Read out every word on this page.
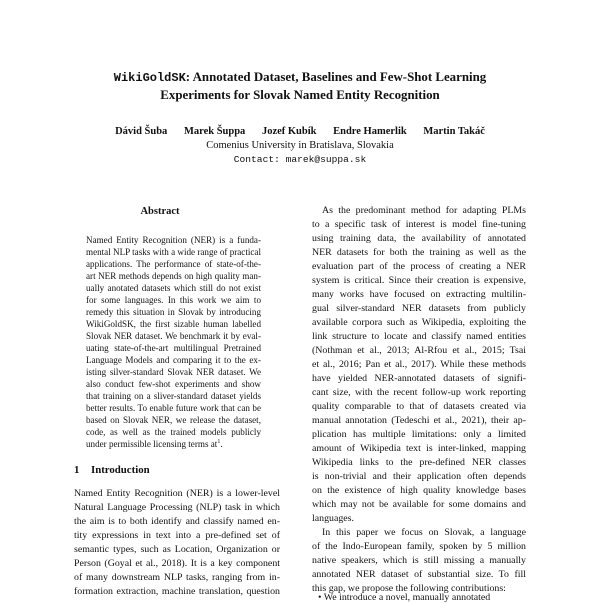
WikiGoldSK: Annotated Dataset, Baselines and Few-Shot Learning
Experiments for Slovak Named Entity Recognition
Dávid Šuba Marek Šuppa Jozef Kubík Endre Hamerlik Martin Takáč
Comenius University in Bratislava, Slovakia
Contact: marek@suppa.sk
Abstract
Named Entity Recognition (NER) is a funda-
mental NLP tasks with a wide range of practical
applications. The performance of state-of-the-
art NER methods depends on high quality man-
ually anotated datasets which still do not exist
for some languages. In this work we aim to
remedy this situation in Slovak by introducing
WikiGoldSK, the first sizable human labelled
Slovak NER dataset. We benchmark it by eval-
uating state-of-the-art multilingual Pretrained
Language Models and comparing it to the ex-
isting silver-standard Slovak NER dataset. We
also conduct few-shot experiments and show
that training on a sliver-standard dataset yields
better results. To enable future work that can be
based on Slovak NER, we release the dataset,
code, as well as the trained models publicly
under permissible licensing terms $at^1$.
1 Introduction
Named Entity Recognition (NER) is a lower-level
Natural Language Processing (NLP) task in which
the aim is to both identify and classify named en-
tity expressions in text into a pre-defined set of
semantic types, such as Location, Organization or
Person (Goyal et al., 2018). It is a key component
of many downstream NLP tasks, ranging from in-
formation extraction, machine translation, question
As the predominant method for adapting PLMs
to a specific task of interest is model fine-tuning
using training data, the availability of annotated
NER datasets for both the training as well as the
evaluation part of the process of creating a NER
system is critical. Since their creation is expensive,
many works have focused on extracting multilin-
gual silver-standard NER datasets from publicly
available corpora such as Wikipedia, exploiting the
link structure to locate and classify named entities
(Nothman et al., 2013; Al-Rfou et al., 2015; Tsai
et al., 2016; Pan et al., 2017). While these methods
have yielded NER-annotated datasets of signifi-
cant size, with the recent follow-up work reporting
quality comparable to that of datasets created via
manual annotation (Tedeschi et al., 2021), their ap-
plication has multiple limitations: only a limited
amount of Wikipedia text is inter-linked, mapping
Wikipedia links to the pre-defined NER classes
is non-trivial and their application often depends
on the existence of high quality knowledge bases
which may not be available for some domains and
languages.
In this paper we focus on Slovak, a language
of the Indo-European family, spoken by 5 million
native speakers, which is still missing a manually
annotated NER dataset of substantial size. To fill
this gap, we propose the following contributions:
• We introduce a novel, manually annotated
